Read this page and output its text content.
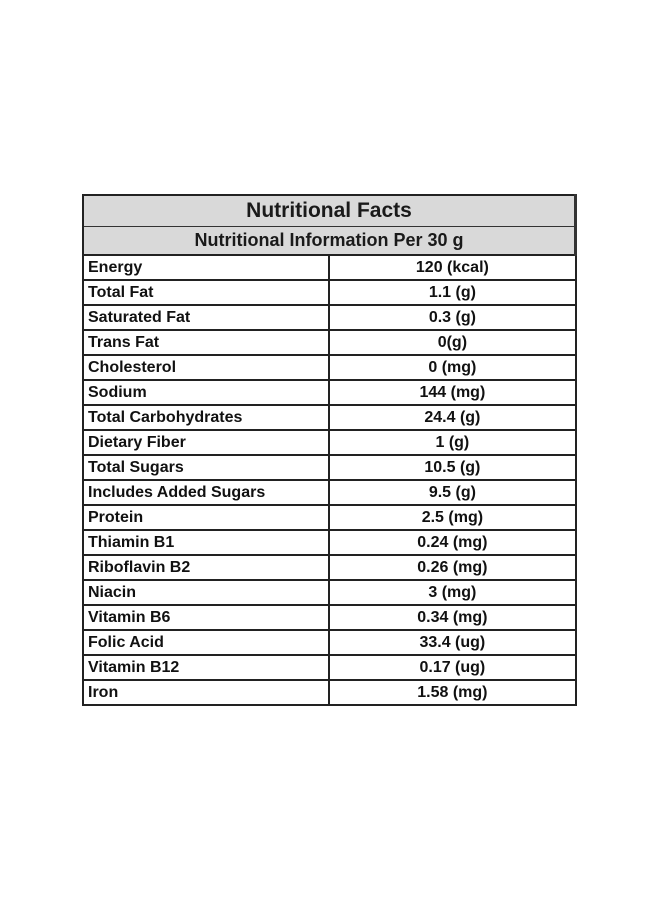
Nutritional Facts	
Nutritional Information Per 30 g	
Energy	120 (kcal)
Total Fat	1.1 (g)
Saturated Fat	0.3 (g)
Trans Fat	0(g)
Cholesterol	0 (mg)
Sodium	144 (mg)
Total Carbohydrates	24.4 (g)
Dietary Fiber	1 (g)
Total Sugars	10.5 (g)
Includes Added Sugars	9.5 (g)
Protein	2.5 (mg)
Thiamin B1	0.24 (mg)
Riboflavin B2	0.26 (mg)
Niacin	3 (mg)
Vitamin B6	0.34 (mg)
Folic Acid	33.4 (ug)
Vitamin B12	0.17 (ug)
Iron	1.58 (mg)
